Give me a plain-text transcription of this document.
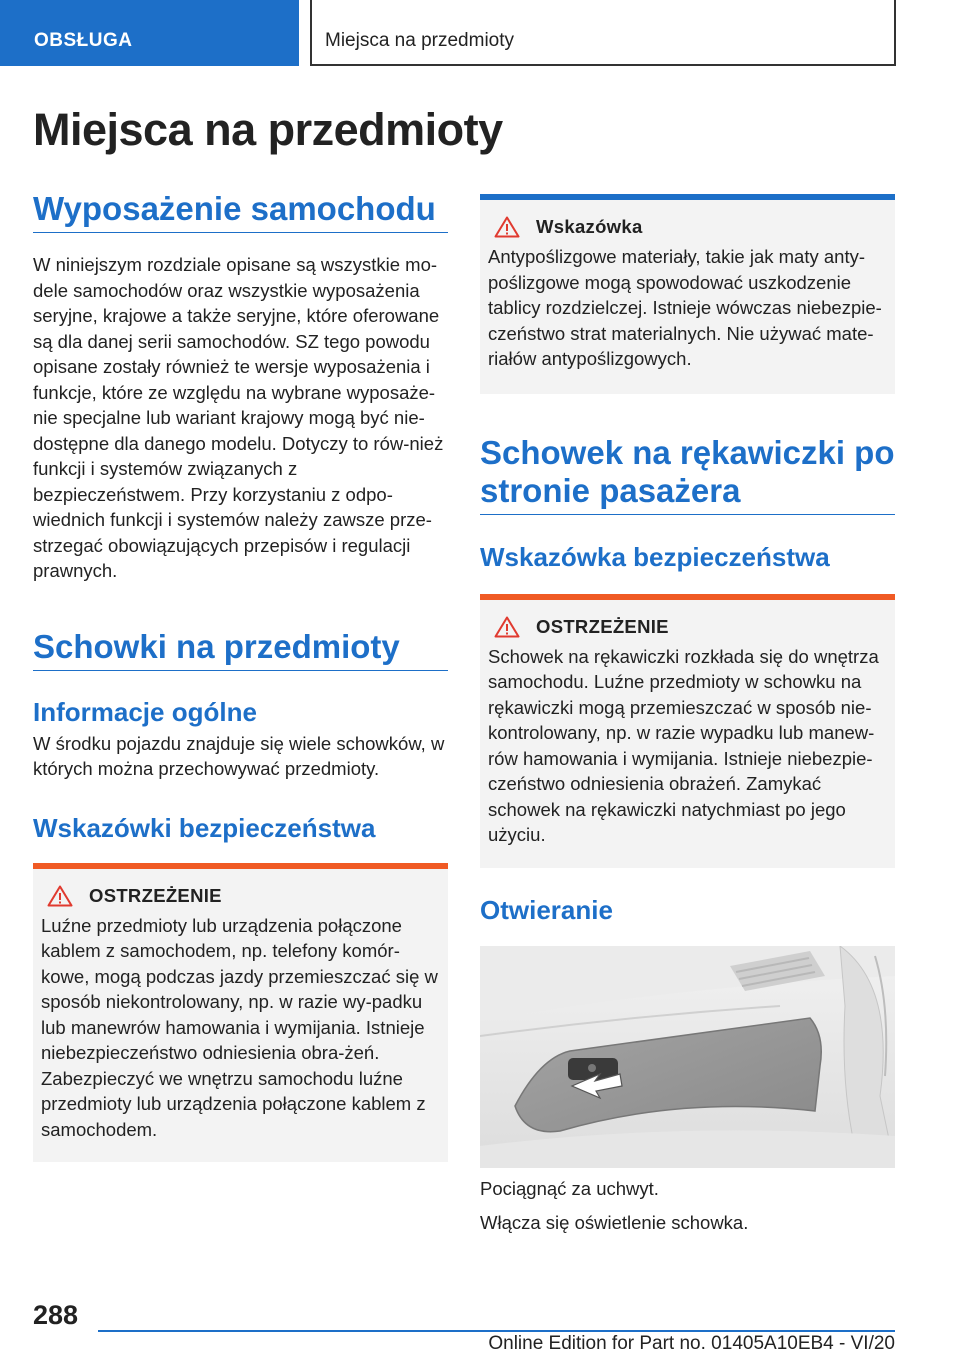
OBSŁUGA	Miejsca na przedmioty
Miejsca na przedmioty
Wyposażenie samochodu

W niniejszym rozdziale opisane są wszystkie mo-dele samochodów oraz wszystkie wyposażenia seryjne, krajowe a także seryjne, które oferowane są dla danej serii samochodów. SZ tego powodu opisane zostały również te wersje wyposażenia i funkcje, które ze względu na wybrane wyposaże-nie specjalne lub wariant krajowy mogą być nie-dostępne dla danego modelu. Dotyczy to rów-nież funkcji i systemów związanych z bezpieczeństwem. Przy korzystaniu z odpo-wiednich funkcji i systemów należy zawsze prze-strzegać obowiązujących przepisów i regulacji prawnych.

Schowki na przedmioty
Informacje ogólne

W środku pojazdu znajduje się wiele schowków, w których można przechowywać przedmioty.

Wskazówki bezpieczeństwa
OSTRZEŻENIE

Luźne przedmioty lub urządzenia połączone kablem z samochodem, np. telefony komór-kowe, mogą podczas jazdy przemieszczać się w sposób niekontrolowany, np. w razie wy-padku lub manewrów hamowania i wymijania. Istnieje niebezpieczeństwo odniesienia obra-żeń. Zabezpieczyć we wnętrzu samochodu luźne przedmioty lub urządzenia połączone kablem z samochodem.

Wskazówka

Antypoślizgowe materiały, takie jak maty anty-poślizgowe mogą spowodować uszkodzenie tablicy rozdzielczej. Istnieje wówczas niebezpie-czeństwo strat materialnych. Nie używać mate-riałów antypoślizgowych.

Schowek na rękawiczki po stronie pasażera
Wskazówka bezpieczeństwa
OSTRZEŻENIE

Schowek na rękawiczki rozkłada się do wnętrza samochodu. Luźne przedmioty w schowku na rękawiczki mogą przemieszczać w sposób nie-kontrolowany, np. w razie wypadku lub manew-rów hamowania i wymijania. Istnieje niebezpie-czeństwo odniesienia obrażeń. Zamykać schowek na rękawiczki natychmiast po jego użyciu.

Otwieranie

Pociągnąć za uchwyt.

Włącza się oświetlenie schowka.

288
Online Edition for Part no. 01405A10EB4 - VI/20
